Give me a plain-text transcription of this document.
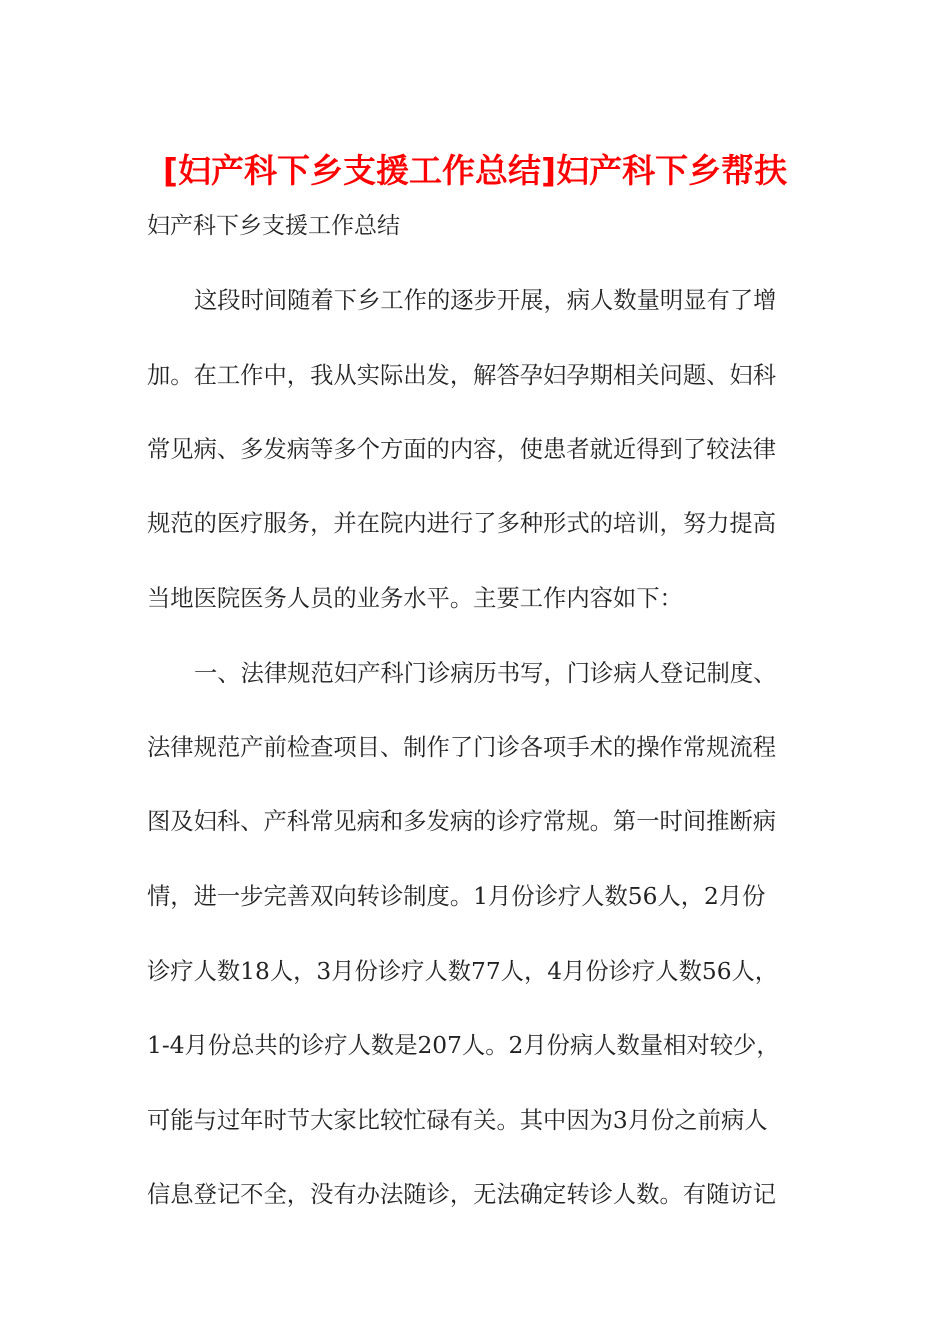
[妇产科下乡支援工作总结]妇产科下乡帮扶

妇产科下乡支援工作总结

这段时间随着下乡工作的逐步开展，病人数量明显有了增

加。在工作中，我从实际出发，解答孕妇孕期相关问题、妇科

常见病、多发病等多个方面的内容，使患者就近得到了较法律

规范的医疗服务，并在院内进行了多种形式的培训，努力提高

当地医院医务人员的业务水平。主要工作内容如下：

一、法律规范妇产科门诊病历书写，门诊病人登记制度、

法律规范产前检查项目、制作了门诊各项手术的操作常规流程

图及妇科、产科常见病和多发病的诊疗常规。第一时间推断病

情，进一步完善双向转诊制度。1月份诊疗人数56人，2月份

诊疗人数18人，3月份诊疗人数77人，4月份诊疗人数56人，

1-4月份总共的诊疗人数是207人。2月份病人数量相对较少，

可能与过年时节大家比较忙碌有关。其中因为3月份之前病人

信息登记不全，没有办法随诊，无法确定转诊人数。有随访记
